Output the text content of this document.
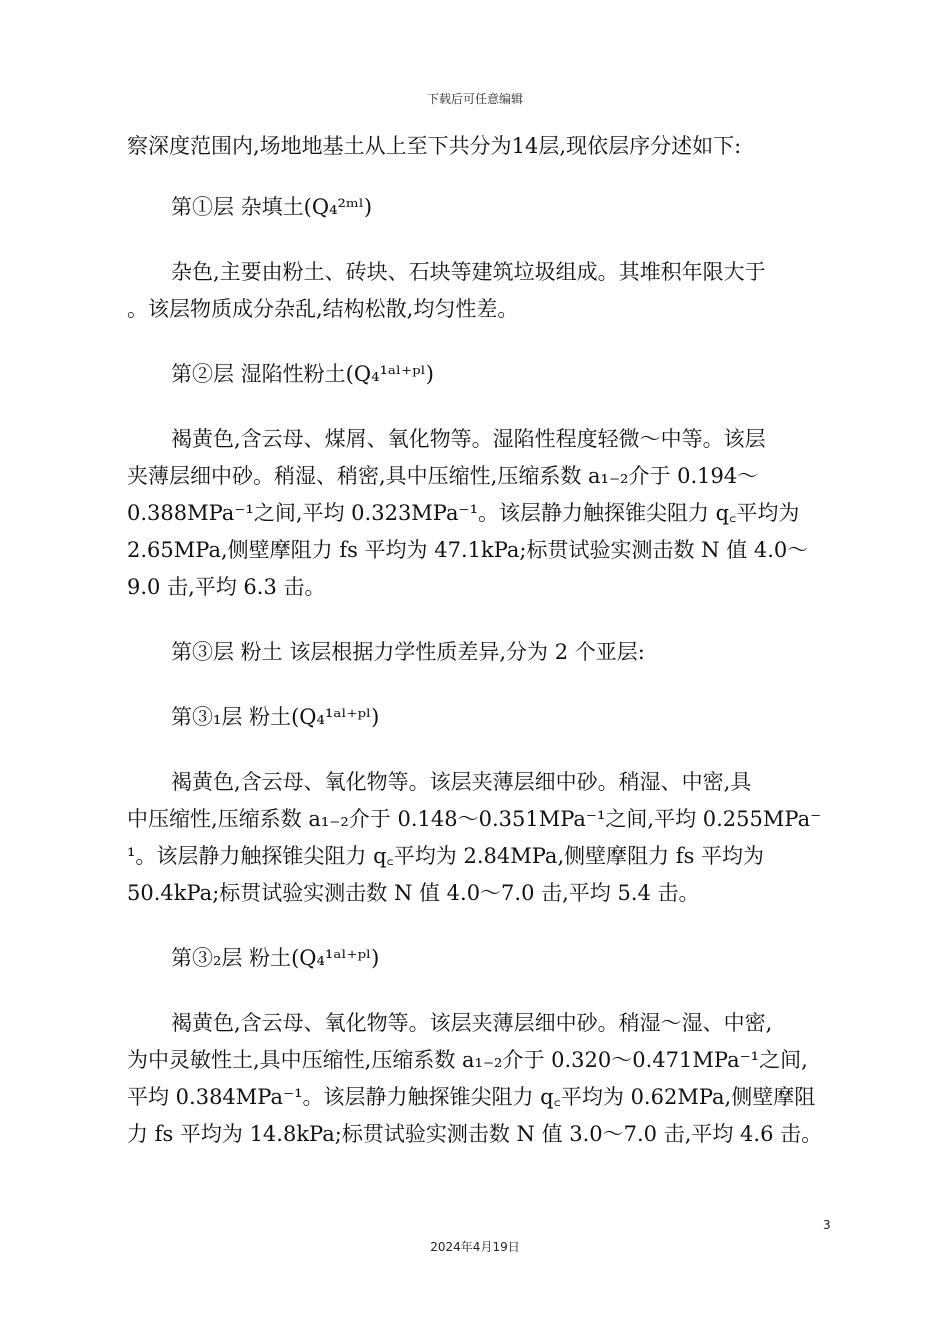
下载后可任意编辑
察深度范围内,场地地基土从上至下共分为14层,现依层序分述如下:
第①层 杂填土(Q₄²ᵐˡ)
杂色,主要由粉土、砖块、石块等建筑垃圾组成。其堆积年限大于
。该层物质成分杂乱,结构松散,均匀性差。
第②层 湿陷性粉土(Q₄¹ᵃˡ⁺ᵖˡ)
褐黄色,含云母、煤屑、氧化物等。湿陷性程度轻微～中等。该层
夹薄层细中砂。稍湿、稍密,具中压缩性,压缩系数 a₁₋₂介于 0.194～
0.388MPa⁻¹之间,平均 0.323MPa⁻¹。该层静力触探锥尖阻力 q꜀平均为
2.65MPa,侧壁摩阻力 fs 平均为 47.1kPa;标贯试验实测击数 N 值 4.0～
9.0 击,平均 6.3 击。
第③层 粉土 该层根据力学性质差异,分为 2 个亚层:
第③₁层 粉土(Q₄¹ᵃˡ⁺ᵖˡ)
褐黄色,含云母、氧化物等。该层夹薄层细中砂。稍湿、中密,具
中压缩性,压缩系数 a₁₋₂介于 0.148～0.351MPa⁻¹之间,平均 0.255MPa⁻
¹。该层静力触探锥尖阻力 q꜀平均为 2.84MPa,侧壁摩阻力 fs 平均为
50.4kPa;标贯试验实测击数 N 值 4.0～7.0 击,平均 5.4 击。
第③₂层 粉土(Q₄¹ᵃˡ⁺ᵖˡ)
褐黄色,含云母、氧化物等。该层夹薄层细中砂。稍湿～湿、中密,
为中灵敏性土,具中压缩性,压缩系数 a₁₋₂介于 0.320～0.471MPa⁻¹之间,
平均 0.384MPa⁻¹。该层静力触探锥尖阻力 q꜀平均为 0.62MPa,侧壁摩阻
力 fs 平均为 14.8kPa;标贯试验实测击数 N 值 3.0～7.0 击,平均 4.6 击。
3
2024年4月19日
